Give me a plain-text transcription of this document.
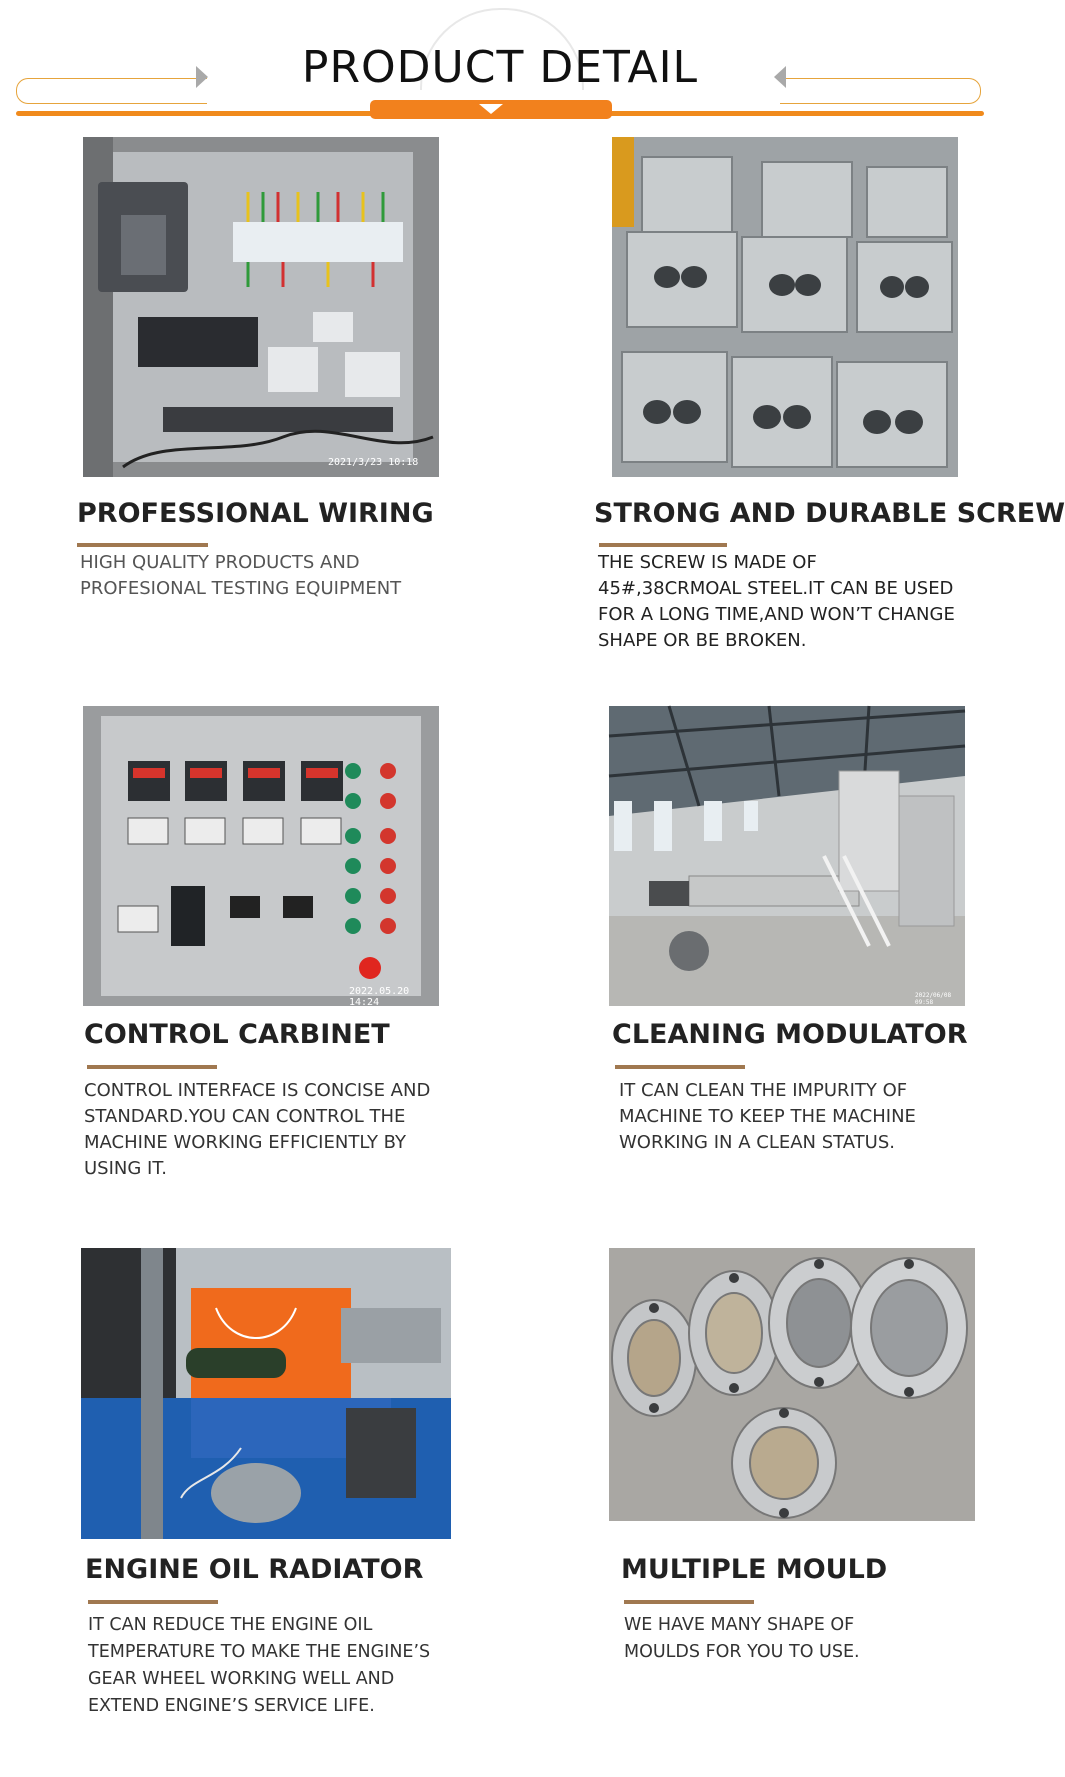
PRODUCT DETAIL
2021/3/23 10:18
PROFESSIONAL WIRING
HIGH QUALITY PRODUCTS AND
PROFESIONAL TESTING EQUIPMENT
STRONG AND DURABLE SCREW
THE SCREW IS MADE OF
45#,38CRMOAL STEEL.IT CAN BE USED
FOR A LONG TIME,AND WON’T CHANGE
SHAPE OR BE BROKEN.
2022.05.20 14:24
CONTROL CARBINET
CONTROL INTERFACE IS CONCISE AND
STANDARD.YOU CAN CONTROL THE
MACHINE WORKING EFFICIENTLY BY
USING IT.
2022/06/08 09:58
CLEANING MODULATOR
IT CAN CLEAN THE IMPURITY OF
MACHINE TO KEEP THE MACHINE
WORKING IN A CLEAN STATUS.
ENGINE OIL RADIATOR
IT CAN REDUCE THE ENGINE OIL
TEMPERATURE TO MAKE THE ENGINE’S
GEAR WHEEL WORKING WELL AND
EXTEND ENGINE’S SERVICE LIFE.
MULTIPLE MOULD
WE HAVE MANY SHAPE OF
MOULDS FOR YOU TO USE.
